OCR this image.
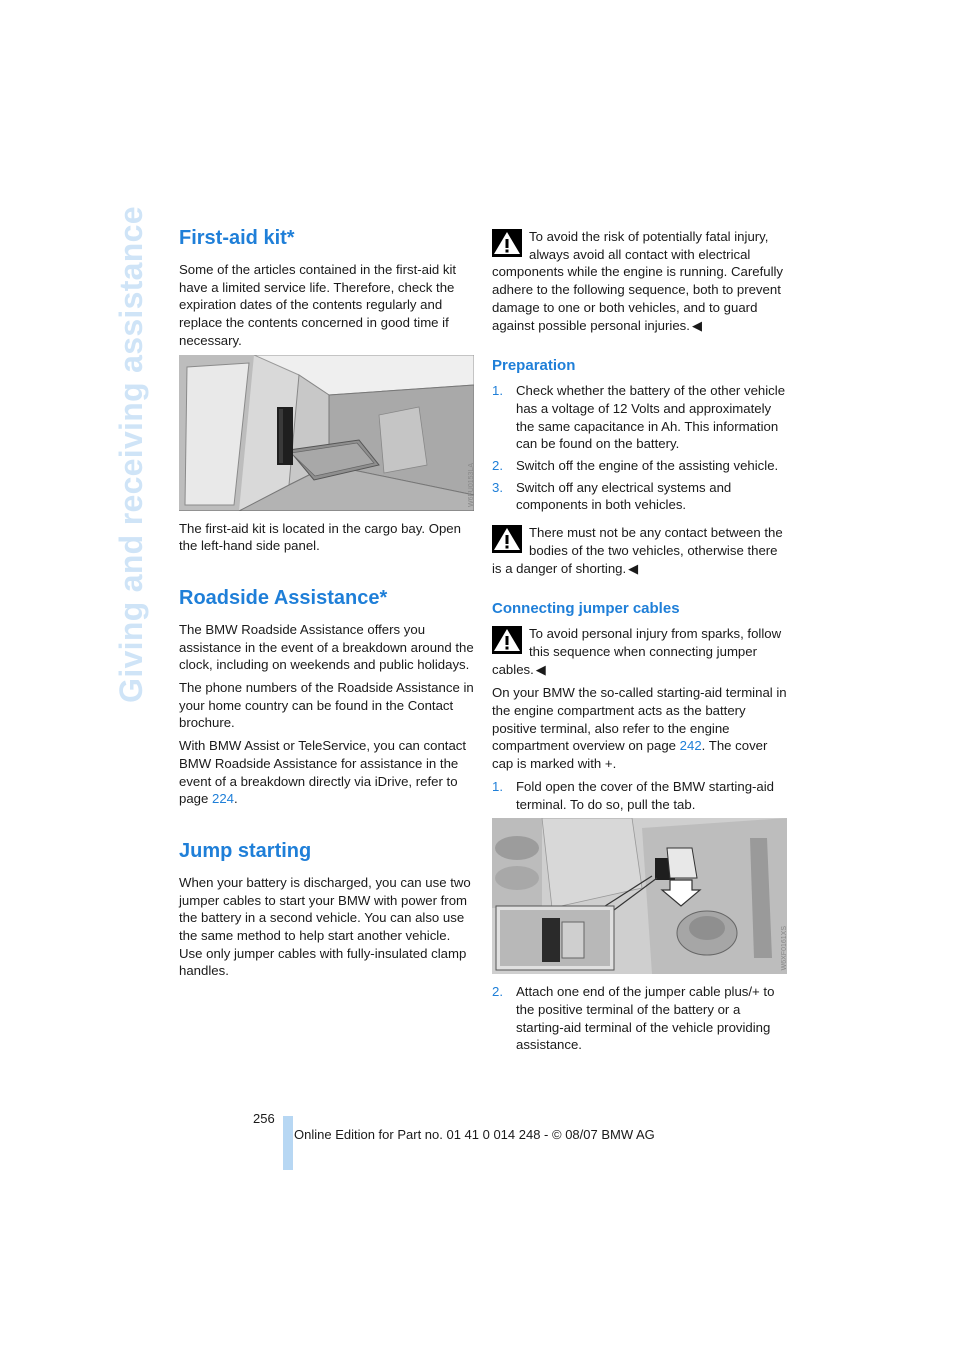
Giving and receiving assistance First-aid kit*

Some of the articles contained in the first-aid kit have a limited service life. Therefore, check the expiration dates of the contents regularly and replace the contents concerned in good time if necessary.

W6FU0153LA

The first-aid kit is located in the cargo bay. Open the left-hand side panel.

Roadside Assistance*

The BMW Roadside Assistance offers you assistance in the event of a breakdown around the clock, including on weekends and public holidays.

The phone numbers of the Roadside Assistance in your home country can be found in the Contact brochure.

With BMW Assist or TeleService, you can contact BMW Roadside Assistance for assistance in the event of a breakdown directly via iDrive, refer to page 224.

Jump starting

When your battery is discharged, you can use two jumper cables to start your BMW with power from the battery in a second vehicle. You can also use the same method to help start another vehicle. Use only jumper cables with fully-insulated clamp handles.

To avoid the risk of potentially fatal injury, always avoid all contact with electrical components while the engine is running. Carefully adhere to the following sequence, both to prevent damage to one or both vehicles, and to guard against possible personal injuries. ◀
Preparation
1. Check whether the battery of the other vehicle has a voltage of 12 Volts and approximately the same capacitance in Ah. This information can be found on the battery.
2. Switch off the engine of the assisting vehicle.
3. Switch off any electrical systems and components in both vehicles.
There must not be any contact between the bodies of the two vehicles, otherwise there is a danger of shorting. ◀
Connecting jumper cables
To avoid personal injury from sparks, follow this sequence when connecting jumper cables. ◀

On your BMW the so-called starting-aid terminal in the engine compartment acts as the battery positive terminal, also refer to the engine compartment overview on page 242. The cover cap is marked with +.

1. Fold open the cover of the BMW starting-aid terminal. To do so, pull the tab.
W6XF0161XS
2. Attach one end of the jumper cable plus/+ to the positive terminal of the battery or a starting-aid terminal of the vehicle providing assistance.
256
Online Edition for Part no. 01 41 0 014 248 - © 08/07 BMW AG
